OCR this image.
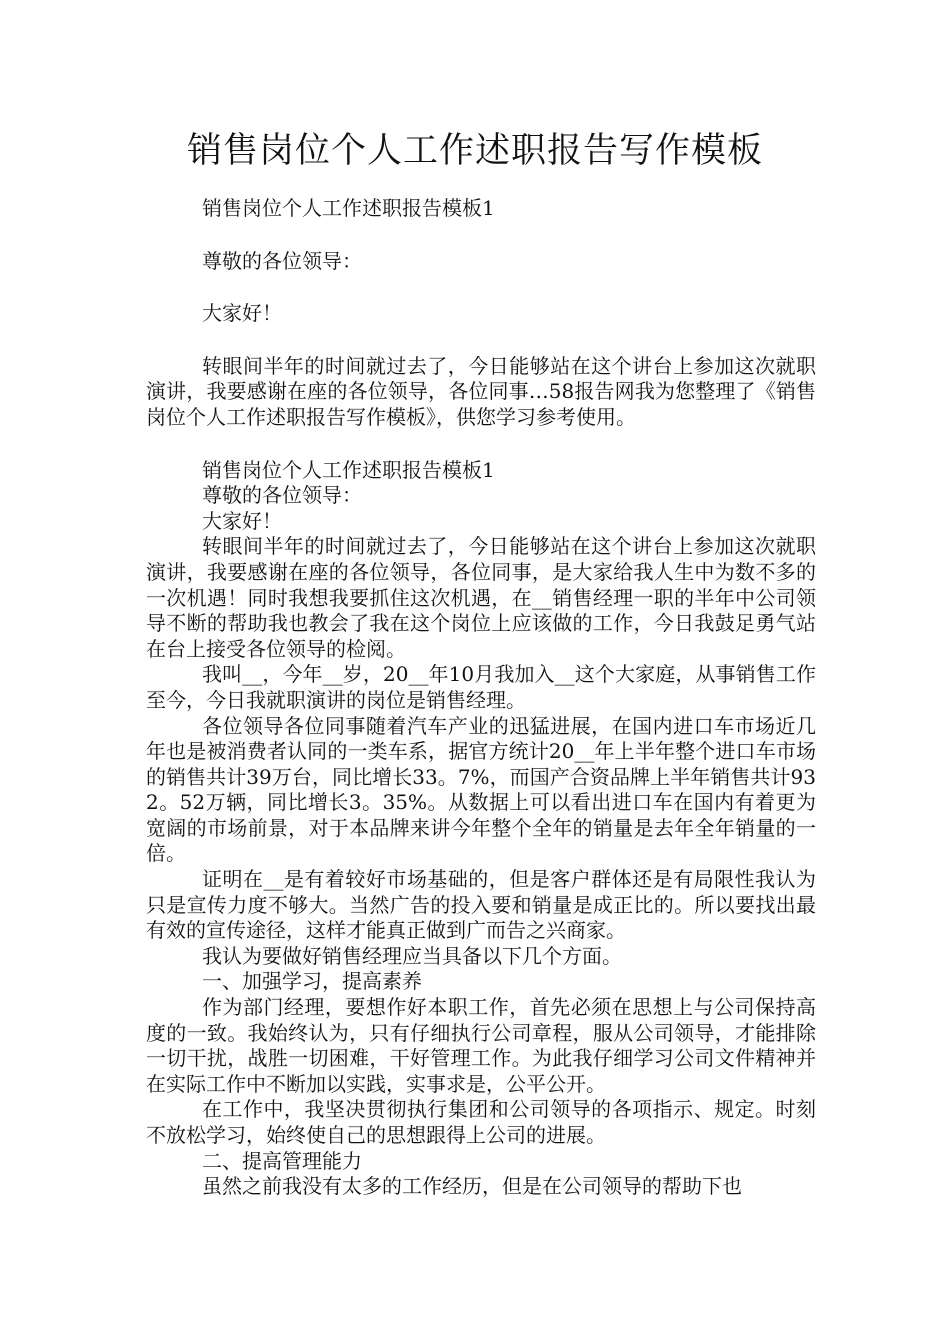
销售岗位个人工作述职报告写作模板

销售岗位个人工作述职报告模板1

尊敬的各位领导：

大家好！

转眼间半年的时间就过去了，今日能够站在这个讲台上参加这次就职演讲，我要感谢在座的各位领导，各位同事…58报告网我为您整理了《销售岗位个人工作述职报告写作模板》，供您学习参考使用。

销售岗位个人工作述职报告模板1

尊敬的各位领导：

大家好！

转眼间半年的时间就过去了，今日能够站在这个讲台上参加这次就职演讲，我要感谢在座的各位领导，各位同事，是大家给我人生中为数不多的一次机遇！同时我想我要抓住这次机遇，在__销售经理一职的半年中公司领导不断的帮助我也教会了我在这个岗位上应该做的工作，今日我鼓足勇气站在台上接受各位领导的检阅。

我叫__，今年__岁，20__年10月我加入__这个大家庭，从事销售工作至今，今日我就职演讲的岗位是销售经理。

各位领导各位同事随着汽车产业的迅猛进展，在国内进口车市场近几年也是被消费者认同的一类车系，据官方统计20__年上半年整个进口车市场的销售共计39万台，同比增长33。7%，而国产合资品牌上半年销售共计932。52万辆，同比增长3。35%。从数据上可以看出进口车在国内有着更为宽阔的市场前景，对于本品牌来讲今年整个全年的销量是去年全年销量的一倍。

证明在__是有着较好市场基础的，但是客户群体还是有局限性我认为只是宣传力度不够大。当然广告的投入要和销量是成正比的。所以要找出最有效的宣传途径，这样才能真正做到广而告之兴商家。

我认为要做好销售经理应当具备以下几个方面。

一、加强学习，提高素养

作为部门经理，要想作好本职工作，首先必须在思想上与公司保持高度的一致。我始终认为，只有仔细执行公司章程，服从公司领导，才能排除一切干扰，战胜一切困难，干好管理工作。为此我仔细学习公司文件精神并在实际工作中不断加以实践，实事求是，公平公开。

在工作中，我坚决贯彻执行集团和公司领导的各项指示、规定。时刻不放松学习，始终使自己的思想跟得上公司的进展。

二、提高管理能力

虽然之前我没有太多的工作经历，但是在公司领导的帮助下也
